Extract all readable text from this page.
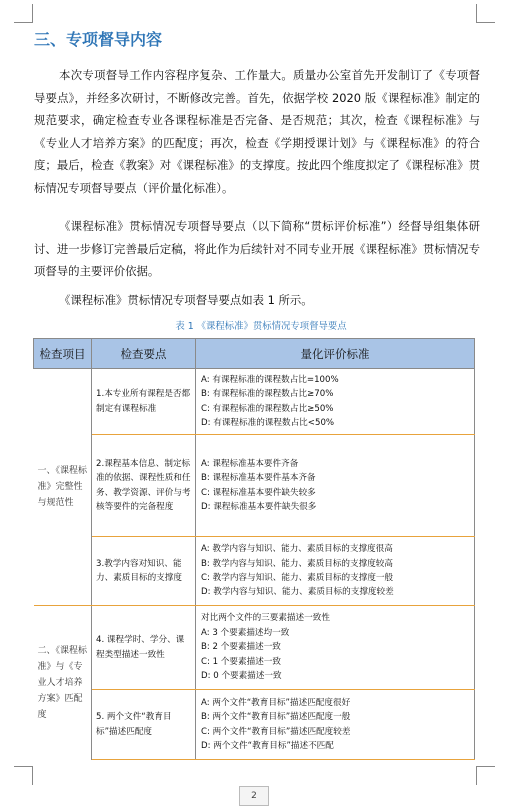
三、专项督导内容
本次专项督导工作内容程序复杂、工作量大。质量办公室首先开发制订了《专项督导要点》，并经多次研讨，不断修改完善。首先，依据学校 2020 版《课程标准》制定的规范要求，确定检查专业各课程标准是否完备、是否规范；其次，检查《课程标准》与《专业人才培养方案》的匹配度；再次，检查《学期授课计划》与《课程标准》的符合度；最后，检查《教案》对《课程标准》的支撑度。按此四个维度拟定了《课程标准》贯标情况专项督导要点（评价量化标准）。
《课程标准》贯标情况专项督导要点（以下简称“贯标评价标准”）经督导组集体研讨、进一步修订完善最后定稿，将此作为后续针对不同专业开展《课程标准》贯标情况专项督导的主要评价依据。
《课程标准》贯标情况专项督导要点如表 1 所示。
表 1 《课程标准》贯标情况专项督导要点
检查项目	检查要点	量化评价标准
一、《课程标准》完整性与规范性	1.本专业所有课程是否都制定有课程标准	A: 有课程标准的课程数占比=100%
B: 有课程标准的课程数占比≥70%
C: 有课程标准的课程数占比≥50%
D: 有课程标准的课程数占比<50%

	2.课程基本信息、制定标准的依据、课程性质和任务、教学资源、评价与考核等要件的完备程度	A: 课程标准基本要件齐备
B: 课程标准基本要件基本齐备
C: 课程标准基本要件缺失较多
D: 课程标准基本要件缺失很多

	3.教学内容对知识、能力、素质目标的支撑度	A: 教学内容与知识、能力、素质目标的支撑度很高
B: 教学内容与知识、能力、素质目标的支撑度较高
C: 教学内容与知识、能力、素质目标的支撑度一般
D: 教学内容与知识、能力、素质目标的支撑度较差

二、《课程标准》与《专业人才培养方案》匹配度	4. 课程学时、学分、课程类型描述一致性	对比两个文件的三要素描述一致性
A: 3 个要素描述均一致
B: 2 个要素描述一致
C: 1 个要素描述一致
D: 0 个要素描述一致

	5. 两个文件“教育目标”描述匹配度	A: 两个文件“教育目标”描述匹配度很好
B: 两个文件“教育目标”描述匹配度一般
C: 两个文件“教育目标”描述匹配度较差
D: 两个文件“教育目标”描述不匹配
2
